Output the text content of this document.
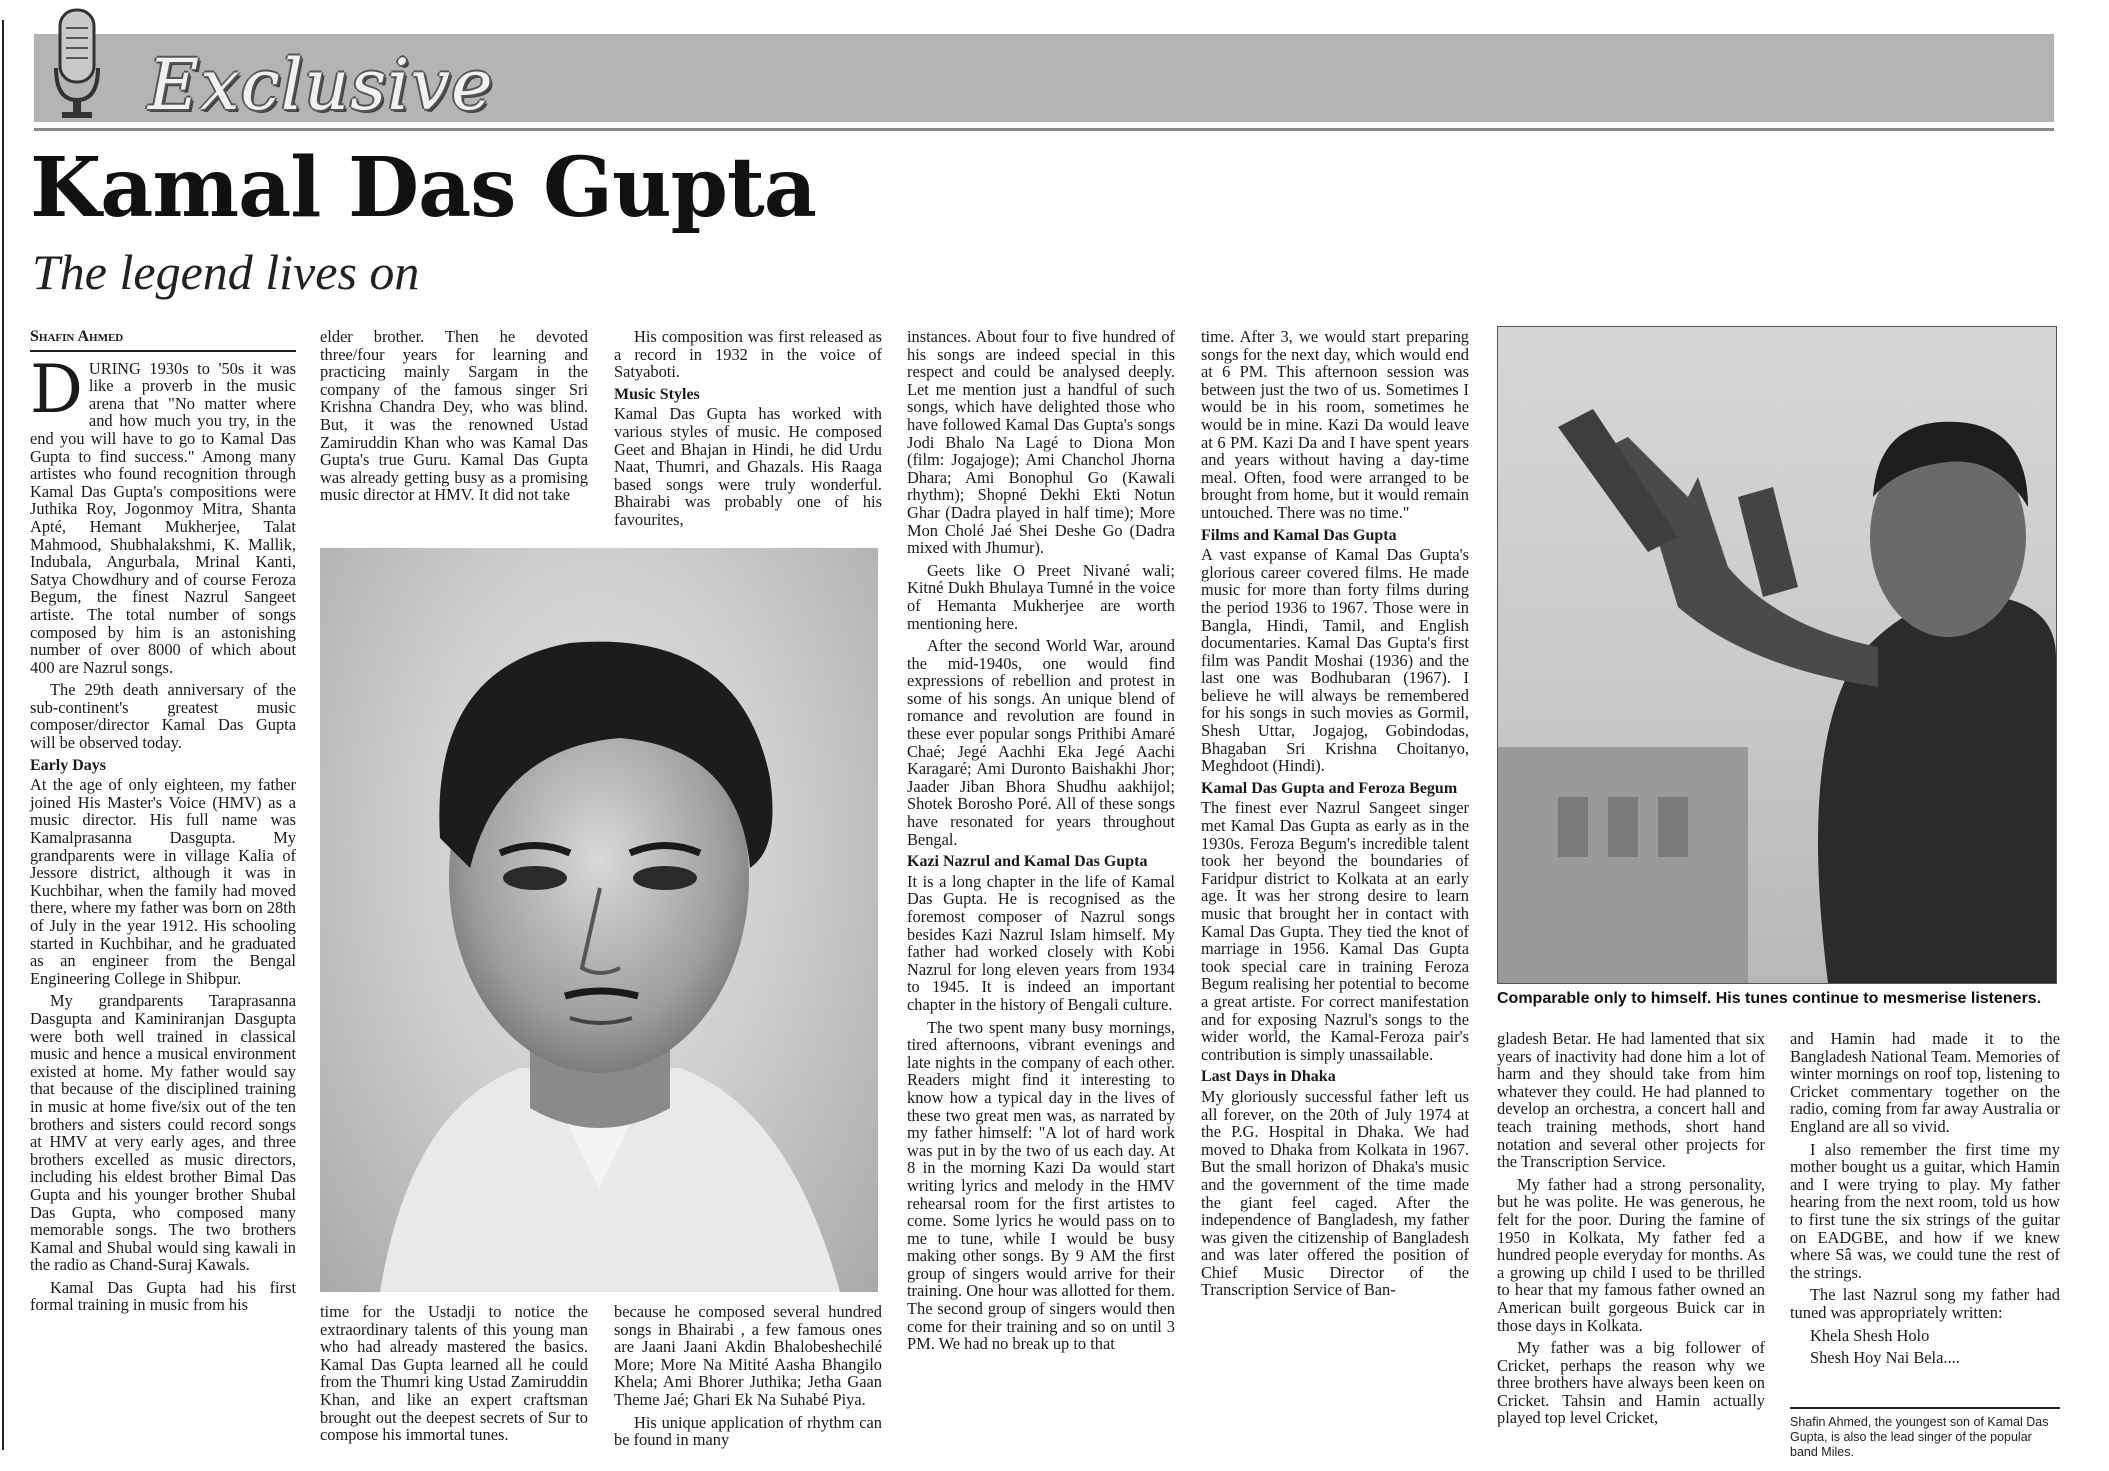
Exclusive
Kamal Das Gupta
The legend lives on
Shafin Ahmed

DURING 1930s to '50s it was like a proverb in the music arena that "No matter where and how much you try, in the end you will have to go to Kamal Das Gupta to find success." Among many artistes who found recognition through Kamal Das Gupta's compositions were Juthika Roy, Jogonmoy Mitra, Shanta Apté, Hemant Mukherjee, Talat Mahmood, Shubhalakshmi, K. Mallik, Indubala, Angurbala, Mrinal Kanti, Satya Chowdhury and of course Feroza Begum, the finest Nazrul Sangeet artiste. The total number of songs composed by him is an astonishing number of over 8000 of which about 400 are Nazrul songs.

The 29th death anniversary of the sub-continent's greatest music composer/director Kamal Das Gupta will be observed today.

Early Days

At the age of only eighteen, my father joined His Master's Voice (HMV) as a music director. His full name was Kamalprasanna Dasgupta. My grandparents were in village Kalia of Jessore district, although it was in Kuchbihar, when the family had moved there, where my father was born on 28th of July in the year 1912. His schooling started in Kuchbihar, and he graduated as an engineer from the Bengal Engineering College in Shibpur.

My grandparents Taraprasanna Dasgupta and Kaminiranjan Dasgupta were both well trained in classical music and hence a musical environment existed at home. My father would say that because of the disciplined training in music at home five/six out of the ten brothers and sisters could record songs at HMV at very early ages, and three brothers excelled as music directors, including his eldest brother Bimal Das Gupta and his younger brother Shubal Das Gupta, who composed many memorable songs. The two brothers Kamal and Shubal would sing kawali in the radio as Chand-Suraj Kawals.

Kamal Das Gupta had his first formal training in music from his

elder brother. Then he devoted three/four years for learning and practicing mainly Sargam in the company of the famous singer Sri Krishna Chandra Dey, who was blind. But, it was the renowned Ustad Zamiruddin Khan who was Kamal Das Gupta's true Guru. Kamal Das Gupta was already getting busy as a promising music director at HMV. It did not take

His composition was first released as a record in 1932 in the voice of Satyaboti.

Music Styles

Kamal Das Gupta has worked with various styles of music. He composed Geet and Bhajan in Hindi, he did Urdu Naat, Thumri, and Ghazals. His Raaga based songs were truly wonderful. Bhairabi was probably one of his favourites,

time for the Ustadji to notice the extraordinary talents of this young man who had already mastered the basics. Kamal Das Gupta learned all he could from the Thumri king Ustad Zamiruddin Khan, and like an expert craftsman brought out the deepest secrets of Sur to compose his immortal tunes.

because he composed several hundred songs in Bhairabi , a few famous ones are Jaani Jaani Akdin Bhalobeshechilé More; More Na Mitité Aasha Bhangilo Khela; Ami Bhorer Juthika; Jetha Gaan Theme Jaé; Ghari Ek Na Suhabé Piya.

His unique application of rhythm can be found in many

instances. About four to five hundred of his songs are indeed special in this respect and could be analysed deeply. Let me mention just a handful of such songs, which have delighted those who have followed Kamal Das Gupta's songs Jodi Bhalo Na Lagé to Diona Mon (film: Jogajoge); Ami Chanchol Jhorna Dhara; Ami Bonophul Go (Kawali rhythm); Shopné Dekhi Ekti Notun Ghar (Dadra played in half time); More Mon Cholé Jaé Shei Deshe Go (Dadra mixed with Jhumur).

Geets like O Preet Nivané wali; Kitné Dukh Bhulaya Tumné in the voice of Hemanta Mukherjee are worth mentioning here.

After the second World War, around the mid-1940s, one would find expressions of rebellion and protest in some of his songs. An unique blend of romance and revolution are found in these ever popular songs Prithibi Amaré Chaé; Jegé Aachhi Eka Jegé Aachi Karagaré; Ami Duronto Baishakhi Jhor; Jaader Jiban Bhora Shudhu aakhijol; Shotek Borosho Poré. All of these songs have resonated for years throughout Bengal.

Kazi Nazrul and Kamal Das Gupta

It is a long chapter in the life of Kamal Das Gupta. He is recognised as the foremost composer of Nazrul songs besides Kazi Nazrul Islam himself. My father had worked closely with Kobi Nazrul for long eleven years from 1934 to 1945. It is indeed an important chapter in the history of Bengali culture.

The two spent many busy mornings, tired afternoons, vibrant evenings and late nights in the company of each other. Readers might find it interesting to know how a typical day in the lives of these two great men was, as narrated by my father himself: "A lot of hard work was put in by the two of us each day. At 8 in the morning Kazi Da would start writing lyrics and melody in the HMV rehearsal room for the first artistes to come. Some lyrics he would pass on to me to tune, while I would be busy making other songs. By 9 AM the first group of singers would arrive for their training. One hour was allotted for them. The second group of singers would then come for their training and so on until 3 PM. We had no break up to that

time. After 3, we would start preparing songs for the next day, which would end at 6 PM. This afternoon session was between just the two of us. Sometimes I would be in his room, sometimes he would be in mine. Kazi Da would leave at 6 PM. Kazi Da and I have spent years and years without having a day-time meal. Often, food were arranged to be brought from home, but it would remain untouched. There was no time."

Films and Kamal Das Gupta

A vast expanse of Kamal Das Gupta's glorious career covered films. He made music for more than forty films during the period 1936 to 1967. Those were in Bangla, Hindi, Tamil, and English documentaries. Kamal Das Gupta's first film was Pandit Moshai (1936) and the last one was Bodhubaran (1967). I believe he will always be remembered for his songs in such movies as Gormil, Shesh Uttar, Jogajog, Gobindodas, Bhagaban Sri Krishna Choitanyo, Meghdoot (Hindi).

Kamal Das Gupta and Feroza Begum

The finest ever Nazrul Sangeet singer met Kamal Das Gupta as early as in the 1930s. Feroza Begum's incredible talent took her beyond the boundaries of Faridpur district to Kolkata at an early age. It was her strong desire to learn music that brought her in contact with Kamal Das Gupta. They tied the knot of marriage in 1956. Kamal Das Gupta took special care in training Feroza Begum realising her potential to become a great artiste. For correct manifestation and for exposing Nazrul's songs to the wider world, the Kamal-Feroza pair's contribution is simply unassailable.

Last Days in Dhaka

My gloriously successful father left us all forever, on the 20th of July 1974 at the P.G. Hospital in Dhaka. We had moved to Dhaka from Kolkata in 1967. But the small horizon of Dhaka's music and the government of the time made the giant feel caged. After the independence of Bangladesh, my father was given the citizenship of Bangladesh and was later offered the position of Chief Music Director of the Transcription Service of Ban-

Comparable only to himself. His tunes continue to mesmerise listeners.

gladesh Betar. He had lamented that six years of inactivity had done him a lot of harm and they should take from him whatever they could. He had planned to develop an orchestra, a concert hall and teach training methods, short hand notation and several other projects for the Transcription Service.

My father had a strong personality, but he was polite. He was generous, he felt for the poor. During the famine of 1950 in Kolkata, My father fed a hundred people everyday for months. As a growing up child I used to be thrilled to hear that my famous father owned an American built gorgeous Buick car in those days in Kolkata.

My father was a big follower of Cricket, perhaps the reason why we three brothers have always been keen on Cricket. Tahsin and Hamin actually played top level Cricket,

and Hamin had made it to the Bangladesh National Team. Memories of winter mornings on roof top, listening to Cricket commentary together on the radio, coming from far away Australia or England are all so vivid.

I also remember the first time my mother bought us a guitar, which Hamin and I were trying to play. My father hearing from the next room, told us how to first tune the six strings of the guitar on EADGBE, and how if we knew where Sâ was, we could tune the rest of the strings.

The last Nazrul song my father had tuned was appropriately written:

Khela Shesh Holo

Shesh Hoy Nai Bela....

Shafin Ahmed, the youngest son of Kamal Das Gupta, is also the lead singer of the popular band Miles.
